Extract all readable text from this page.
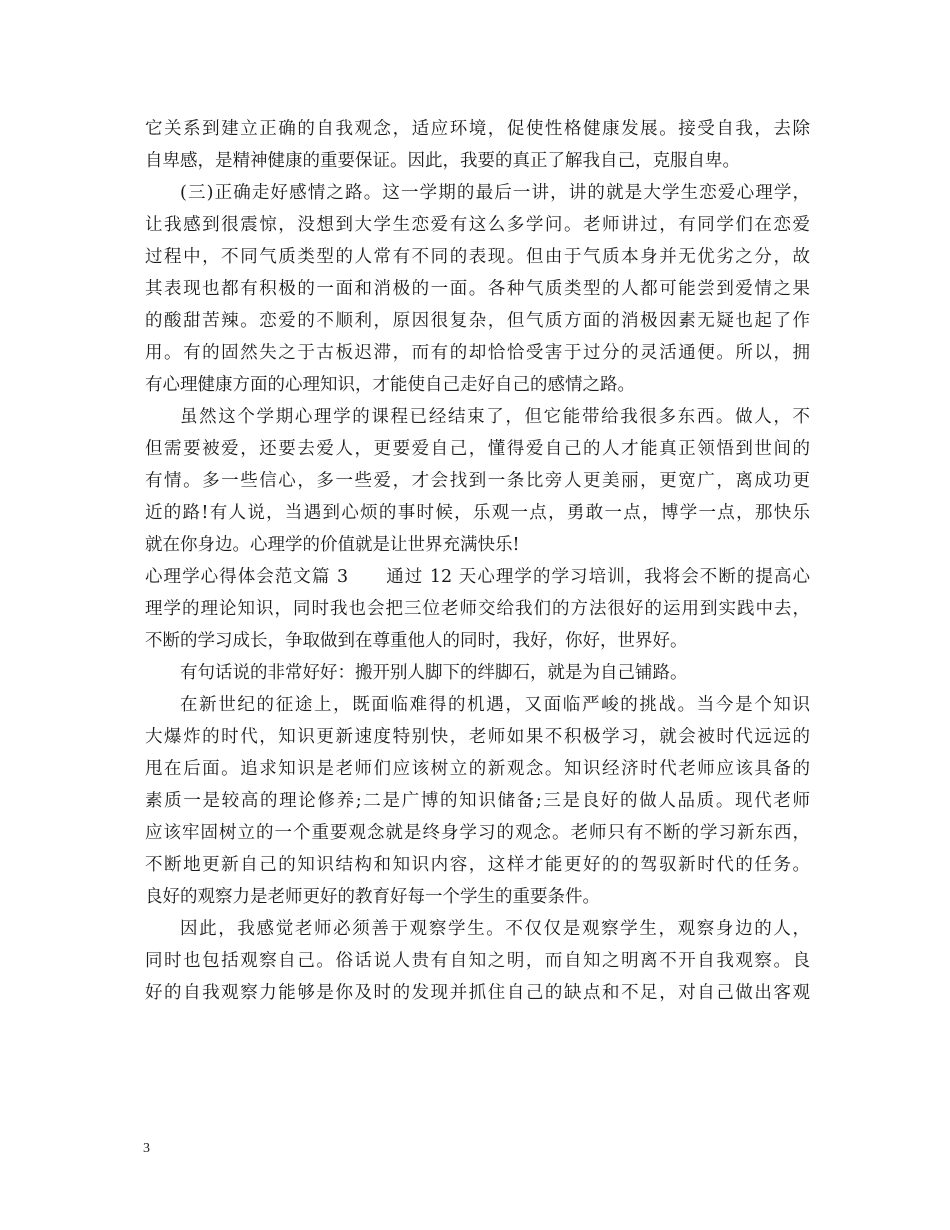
它关系到建立正确的自我观念，适应环境，促使性格健康发展。接受自我，去除
自卑感，是精神健康的重要保证。因此，我要的真正了解我自己，克服自卑。
(三)正确走好感情之路。这一学期的最后一讲，讲的就是大学生恋爱心理学，
让我感到很震惊，没想到大学生恋爱有这么多学问。老师讲过，有同学们在恋爱
过程中，不同气质类型的人常有不同的表现。但由于气质本身并无优劣之分，故
其表现也都有积极的一面和消极的一面。各种气质类型的人都可能尝到爱情之果
的酸甜苦辣。恋爱的不顺利，原因很复杂，但气质方面的消极因素无疑也起了作
用。有的固然失之于古板迟滞，而有的却恰恰受害于过分的灵活通便。所以，拥
有心理健康方面的心理知识，才能使自己走好自己的感情之路。
虽然这个学期心理学的课程已经结束了，但它能带给我很多东西。做人，不
但需要被爱，还要去爱人，更要爱自己，懂得爱自己的人才能真正领悟到世间的
有情。多一些信心，多一些爱，才会找到一条比旁人更美丽，更宽广，离成功更
近的路!有人说，当遇到心烦的事时候，乐观一点，勇敢一点，博学一点，那快乐
就在你身边。心理学的价值就是让世界充满快乐!
心理学心得体会范文篇 3　　通过 12 天心理学的学习培训，我将会不断的提高心
理学的理论知识，同时我也会把三位老师交给我们的方法很好的运用到实践中去，
不断的学习成长，争取做到在尊重他人的同时，我好，你好，世界好。
有句话说的非常好好：搬开别人脚下的绊脚石，就是为自己铺路。
在新世纪的征途上，既面临难得的机遇，又面临严峻的挑战。当今是个知识
大爆炸的时代，知识更新速度特别快，老师如果不积极学习，就会被时代远远的
甩在后面。追求知识是老师们应该树立的新观念。知识经济时代老师应该具备的
素质一是较高的理论修养;二是广博的知识储备;三是良好的做人品质。现代老师
应该牢固树立的一个重要观念就是终身学习的观念。老师只有不断的学习新东西，
不断地更新自己的知识结构和知识内容，这样才能更好的的驾驭新时代的任务。
良好的观察力是老师更好的教育好每一个学生的重要条件。
因此，我感觉老师必须善于观察学生。不仅仅是观察学生，观察身边的人，
同时也包括观察自己。俗话说人贵有自知之明，而自知之明离不开自我观察。良
好的自我观察力能够是你及时的发现并抓住自己的缺点和不足，对自己做出客观
3
